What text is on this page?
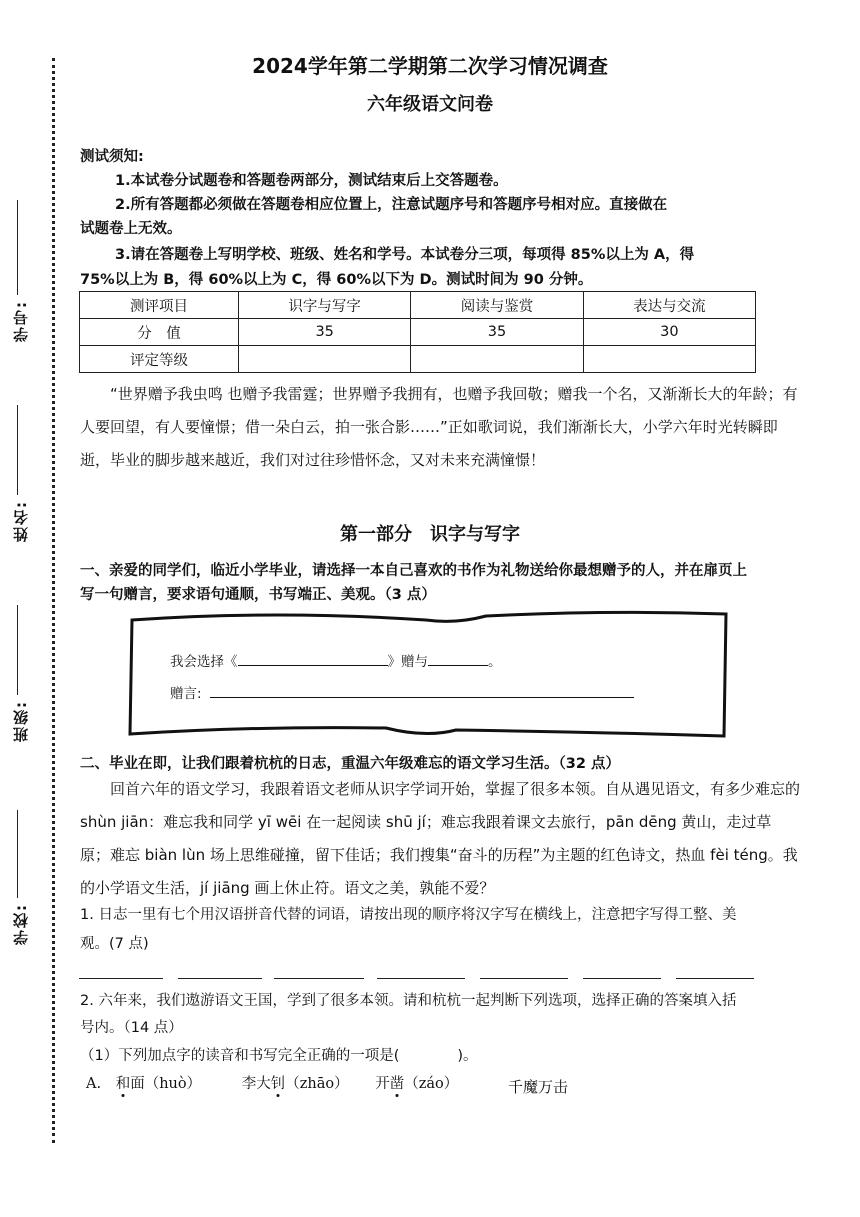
学号:
姓名:
班级:
学校:
2024学年第二学期第二次学习情况调查
六年级语文问卷
测试须知:
1.本试卷分试题卷和答题卷两部分，测试结束后上交答题卷。
2.所有答题都必须做在答题卷相应位置上，注意试题序号和答题序号相对应。直接做在
试题卷上无效。
3.请在答题卷上写明学校、班级、姓名和学号。本试卷分三项，每项得 85%以上为 A，得
75%以上为 B，得 60%以上为 C，得 60%以下为 D。测试时间为 90 分钟。
测评项目	识字与写字	阅读与鉴赏	表达与交流
分　值	35	35	30
评定等级			
“世界赠予我虫鸣 也赠予我雷霆；世界赠予我拥有，也赠予我回敬；赠我一个名，又渐渐长大的年龄；有人要回望，有人要憧憬；借一朵白云，拍一张合影……”正如歌词说，我们渐渐长大，小学六年时光转瞬即逝，毕业的脚步越来越近，我们对过往珍惜怀念，又对未来充满憧憬！
第一部分　识字与写字
一、亲爱的同学们，临近小学毕业，请选择一本自己喜欢的书作为礼物送给你最想赠予的人，并在扉页上
写一句赠言，要求语句通顺，书写端正、美观。（3 点）
我会选择《	》赠与	。
赠言:
二、毕业在即，让我们跟着杭杭的日志，重温六年级难忘的语文学习生活。（32 点）
回首六年的语文学习，我跟着语文老师从识字学词开始，掌握了很多本领。自从遇见语文，有多少难忘的 shùn jiān：难忘我和同学 yī wēi 在一起阅读 shū jí；难忘我跟着课文去旅行，pān dēng 黄山，走过草原；难忘 biàn lùn 场上思维碰撞，留下佳话；我们搜集“奋斗的历程”为主题的红色诗文，热血 fèi téng。我的小学语文生活，jí jiāng 画上休止符。语文之美，孰能不爱？
1. 日志一里有七个用汉语拼音代替的词语，请按出现的顺序将汉字写在横线上，注意把字写得工整、美
观。(7 点)
2. 六年来，我们遨游语文王国，学到了很多本领。请和杭杭一起判断下列选项，选择正确的答案填入括
号内。（14 点）
（1）下列加点字的读音和书写完全正确的一项是(　　　　)。
A. 和面（huò）	李大钊（zhāo） 开凿（záo）	千魔万击
